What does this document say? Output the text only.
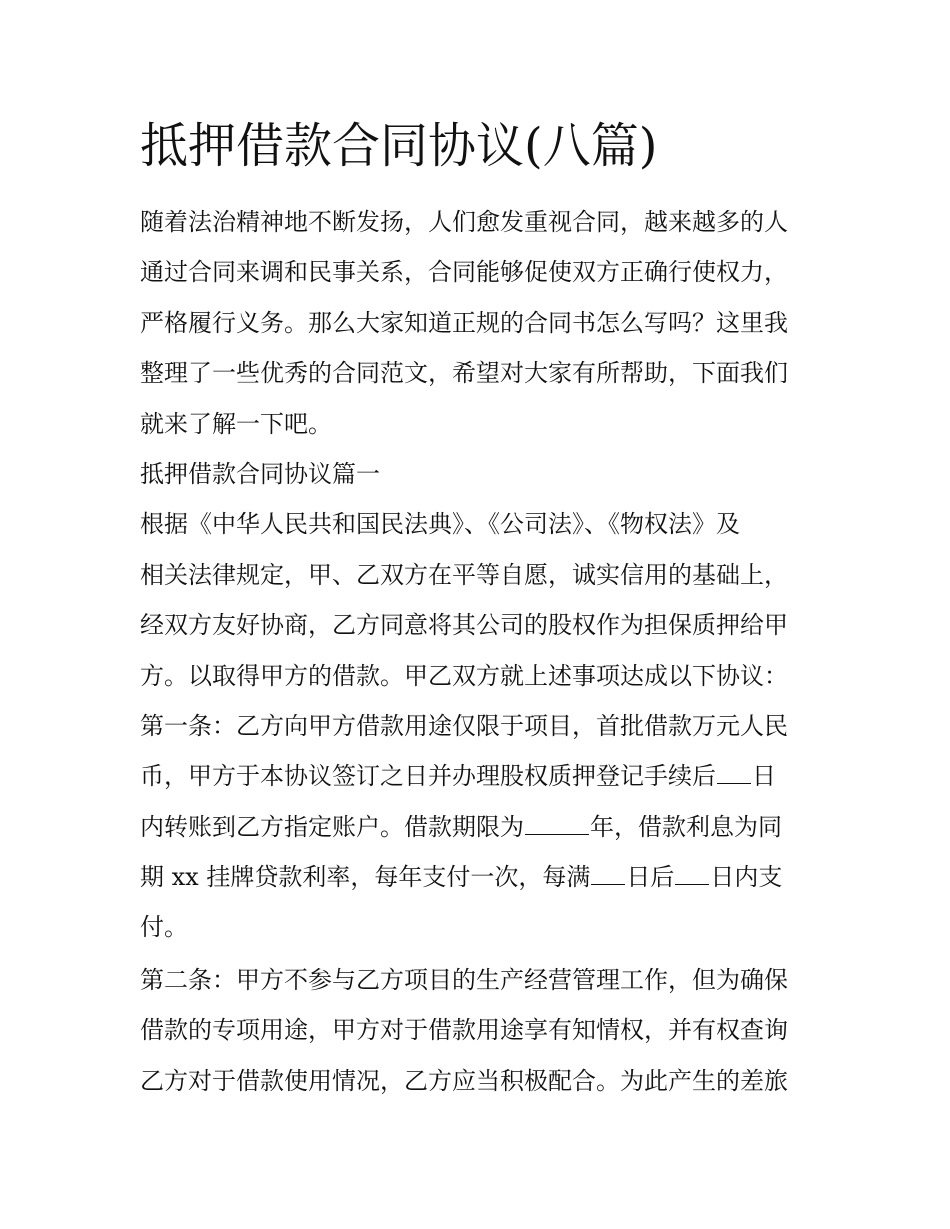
抵押借款合同协议(八篇)
随着法治精神地不断发扬，人们愈发重视合同，越来越多的人
通过合同来调和民事关系，合同能够促使双方正确行使权力，
严格履行义务。那么大家知道正规的合同书怎么写吗？这里我
整理了一些优秀的合同范文，希望对大家有所帮助，下面我们
就来了解一下吧。
抵押借款合同协议篇一
根据《中华人民共和国民法典》、《公司法》、《物权法》及
相关法律规定，甲、乙双方在平等自愿，诚实信用的基础上，
经双方友好协商，乙方同意将其公司的股权作为担保质押给甲
方。以取得甲方的借款。甲乙双方就上述事项达成以下协议：
第一条：乙方向甲方借款用途仅限于项目，首批借款万元人民
币，甲方于本协议签订之日并办理股权质押登记手续后 日
内转账到乙方指定账户。借款期限为	年，借款利息为同
期 xx 挂牌贷款利率，每年支付一次，每满 日后 日内支
付。
第二条：甲方不参与乙方项目的生产经营管理工作，但为确保
借款的专项用途，甲方对于借款用途享有知情权，并有权查询
乙方对于借款使用情况，乙方应当积极配合。为此产生的差旅
